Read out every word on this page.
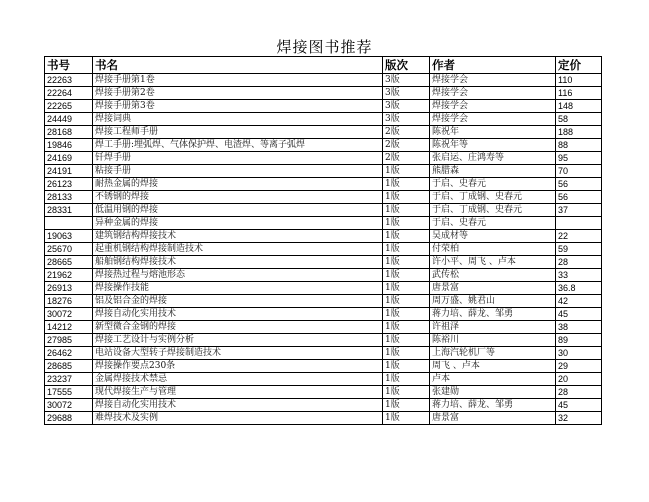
焊接图书推荐
书号	书名	版次	作者	定价
22263	焊接手册第1卷	3版	焊接学会	110
22264	焊接手册第2卷	3版	焊接学会	116
22265	焊接手册第3卷	3版	焊接学会	148
24449	焊接词典	3版	焊接学会	58
28168	焊接工程师手册	2版	陈祝年	188
19846	焊工手册:埋弧焊、气体保护焊、电渣焊、等离子弧焊	2版	陈祝年等	88
24169	钎焊手册	2版	张启运、庄鸿寿等	95
24191	粘接手册	1版	熊腊森	70
26123	耐热金属的焊接	1版	于启、史春元	56
28133	不锈钢的焊接	1版	于启、丁成钢、史春元	56
28331	低温用钢的焊接	1版	于启、丁成钢、史春元	37
	异种金属的焊接	1版	于启、史春元	
19063	建筑钢结构焊接技术	1版	吴成材等	22
25670	起重机钢结构焊接制造技术	1版	付荣柏	59
28665	船舶钢结构焊接技术	1版	许小平、周飞 、卢本	28
21962	焊接热过程与熔池形态	1版	武传松	33
26913	焊接操作技能	1版	唐景富	36.8
18276	铝及铝合金的焊接	1版	周万盛、姚君山	42
30072	焊接自动化实用技术	1版	蒋力培、薛龙、邹勇	45
14212	新型微合金钢的焊接	1版	许祖泽	38
27985	焊接工艺设计与实例分析	1版	陈裕川	89
26462	电站设备大型转子焊接制造技术	1版	上海汽轮机厂等	30
28685	焊接操作要点230条	1版	周飞 、卢本	29
23237	金属焊接技术禁忌	1版	卢本	20
17555	现代焊接生产与管理	1版	张建勋	28
30072	焊接自动化实用技术	1版	蒋力培、薛龙、邹勇	45
29688	难焊技术及实例	1版	唐景富	32
